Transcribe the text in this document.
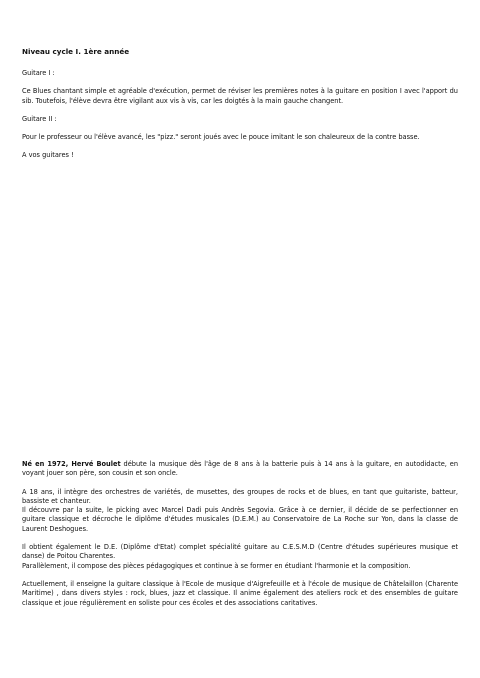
Niveau cycle I. 1ère année

Guitare I :

Ce Blues chantant simple et agréable d'exécution, permet de réviser les premières notes à la guitare en position I avec l'apport du sib. Toutefois, l'élève devra être vigilant aux vis à vis, car les doigtés à la main gauche changent.

Guitare II :

Pour le professeur ou l'élève avancé, les "pizz." seront joués avec le pouce imitant le son chaleureux de la contre basse.

A vos guitares !

Né en 1972, Hervé Boulet débute la musique dès l'âge de 8 ans à la batterie puis à 14 ans à la guitare, en autodidacte, en voyant jouer son père, son cousin et son oncle.

A 18 ans, il intègre des orchestres de variétés, de musettes, des groupes de rocks et de blues, en tant que guitariste, batteur, bassiste et chanteur.

Il découvre par la suite, le picking avec Marcel Dadi puis Andrès Segovia. Grâce à ce dernier, il décide de se perfectionner en guitare classique et décroche le diplôme d'études musicales (D.E.M.) au Conservatoire de La Roche sur Yon, dans la classe de Laurent Deshogues.

Il obtient également le D.E. (Diplôme d'Etat) complet spécialité guitare au C.E.S.M.D (Centre d'études supérieures musique et danse) de Poitou Charentes.

Parallèlement, il compose des pièces pédagogiques et continue à se former en étudiant l'harmonie et la composition.

Actuellement, il enseigne la guitare classique à l'Ecole de musique d'Aigrefeuille et à l'école de musique de Châtelaillon (Charente Maritime) , dans divers styles : rock, blues, jazz et classique. Il anime également des ateliers rock et des ensembles de guitare classique et joue régulièrement en soliste pour ces écoles et des associations caritatives.
